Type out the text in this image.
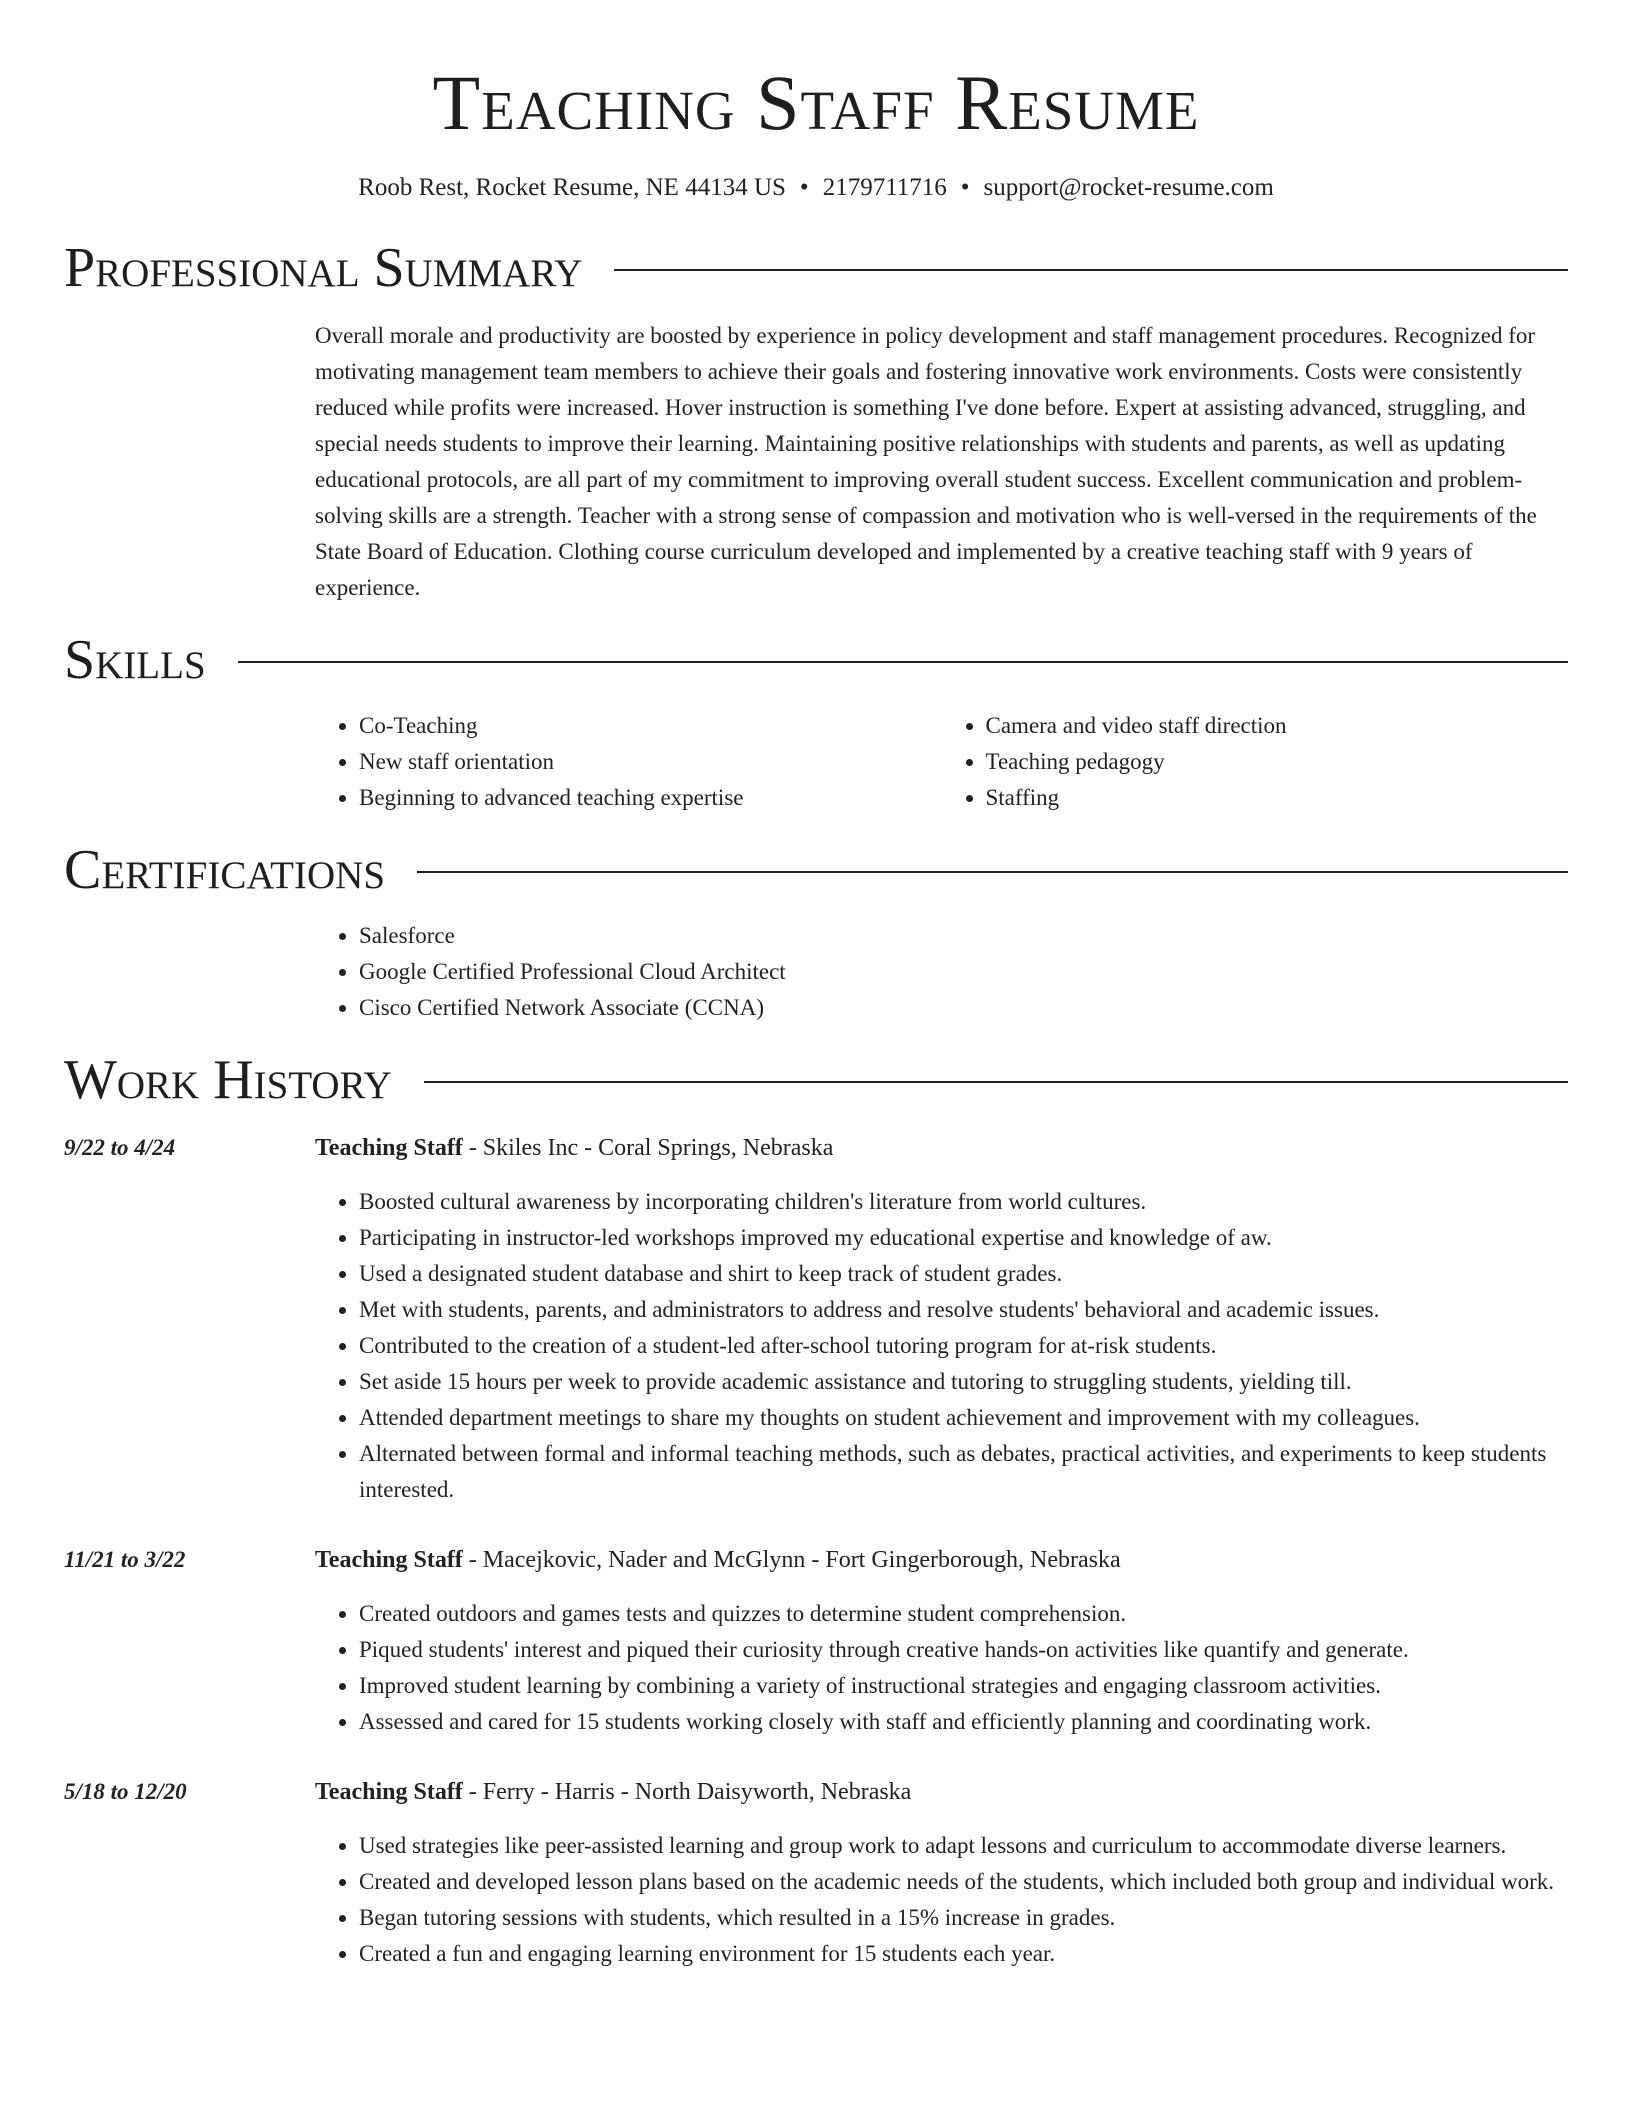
Teaching Staff Resume
Roob Rest, Rocket Resume, NE 44134 US • 2179711716 • support@rocket-resume.com
Professional Summary

Overall morale and productivity are boosted by experience in policy development and staff management procedures. Recognized for motivating management team members to achieve their goals and fostering innovative work environments. Costs were consistently reduced while profits were increased. Hover instruction is something I've done before. Expert at assisting advanced, struggling, and special needs students to improve their learning. Maintaining positive relationships with students and parents, as well as updating educational protocols, are all part of my commitment to improving overall student success. Excellent communication and problem-solving skills are a strength. Teacher with a strong sense of compassion and motivation who is well-versed in the requirements of the State Board of Education. Clothing course curriculum developed and implemented by a creative teaching staff with 9 years of experience.

Skills
• Co-Teaching
• New staff orientation
• Beginning to advanced teaching expertise
• Camera and video staff direction
• Teaching pedagogy
• Staffing
Certifications
• Salesforce
• Google Certified Professional Cloud Architect
• Cisco Certified Network Associate (CCNA)
Work History
9/22 to 4/24	Teaching Staff - Skiles Inc - Coral Springs, Nebraska
• Boosted cultural awareness by incorporating children's literature from world cultures.
• Participating in instructor-led workshops improved my educational expertise and knowledge of aw.
• Used a designated student database and shirt to keep track of student grades.
• Met with students, parents, and administrators to address and resolve students' behavioral and academic issues.
• Contributed to the creation of a student-led after-school tutoring program for at-risk students.
• Set aside 15 hours per week to provide academic assistance and tutoring to struggling students, yielding till.
• Attended department meetings to share my thoughts on student achievement and improvement with my colleagues.
• Alternated between formal and informal teaching methods, such as debates, practical activities, and experiments to keep students interested.
11/21 to 3/22	Teaching Staff - Macejkovic, Nader and McGlynn - Fort Gingerborough, Nebraska
• Created outdoors and games tests and quizzes to determine student comprehension.
• Piqued students' interest and piqued their curiosity through creative hands-on activities like quantify and generate.
• Improved student learning by combining a variety of instructional strategies and engaging classroom activities.
• Assessed and cared for 15 students working closely with staff and efficiently planning and coordinating work.
5/18 to 12/20	Teaching Staff - Ferry - Harris - North Daisyworth, Nebraska
• Used strategies like peer-assisted learning and group work to adapt lessons and curriculum to accommodate diverse learners.
• Created and developed lesson plans based on the academic needs of the students, which included both group and individual work.
• Began tutoring sessions with students, which resulted in a 15% increase in grades.
• Created a fun and engaging learning environment for 15 students each year.
